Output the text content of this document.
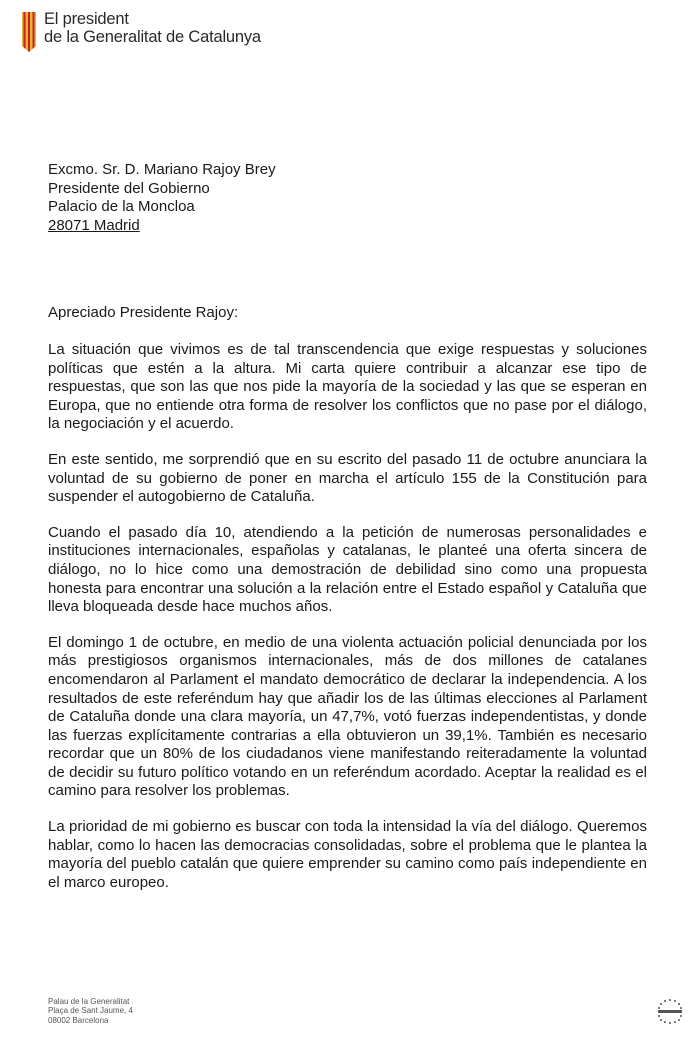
El president
de la Generalitat de Catalunya
Excmo. Sr. D. Mariano Rajoy Brey
Presidente del Gobierno
Palacio de la Moncloa
28071 Madrid
Apreciado Presidente Rajoy:

La situación que vivimos es de tal transcendencia que exige respuestas y soluciones políticas que estén a la altura. Mi carta quiere contribuir a alcanzar ese tipo de respuestas, que son las que nos pide la mayoría de la sociedad y las que se esperan en Europa, que no entiende otra forma de resolver los conflictos que no pase por el diálogo, la negociación y el acuerdo.

En este sentido, me sorprendió que en su escrito del pasado 11 de octubre anunciara la voluntad de su gobierno de poner en marcha el artículo 155 de la Constitución para suspender el autogobierno de Cataluña.

Cuando el pasado día 10, atendiendo a la petición de numerosas personalidades e instituciones internacionales, españolas y catalanas, le planteé una oferta sincera de diálogo, no lo hice como una demostración de debilidad sino como una propuesta honesta para encontrar una solución a la relación entre el Estado español y Cataluña que lleva bloqueada desde hace muchos años.

El domingo 1 de octubre, en medio de una violenta actuación policial denunciada por los más prestigiosos organismos internacionales, más de dos millones de catalanes encomendaron al Parlament el mandato democrático de declarar la independencia. A los resultados de este referéndum hay que añadir los de las últimas elecciones al Parlament de Cataluña donde una clara mayoría, un 47,7%, votó fuerzas independentistas, y donde las fuerzas explícitamente contrarias a ella obtuvieron un 39,1%. También es necesario recordar que un 80% de los ciudadanos viene manifestando reiteradamente la voluntad de decidir su futuro político votando en un referéndum acordado. Aceptar la realidad es el camino para resolver los problemas.

La prioridad de mi gobierno es buscar con toda la intensidad la vía del diálogo. Queremos hablar, como lo hacen las democracias consolidadas, sobre el problema que le plantea la mayoría del pueblo catalán que quiere emprender su camino como país independiente en el marco europeo.

Palau de la Generalitat
Plaça de Sant Jaume, 4
08002 Barcelona
